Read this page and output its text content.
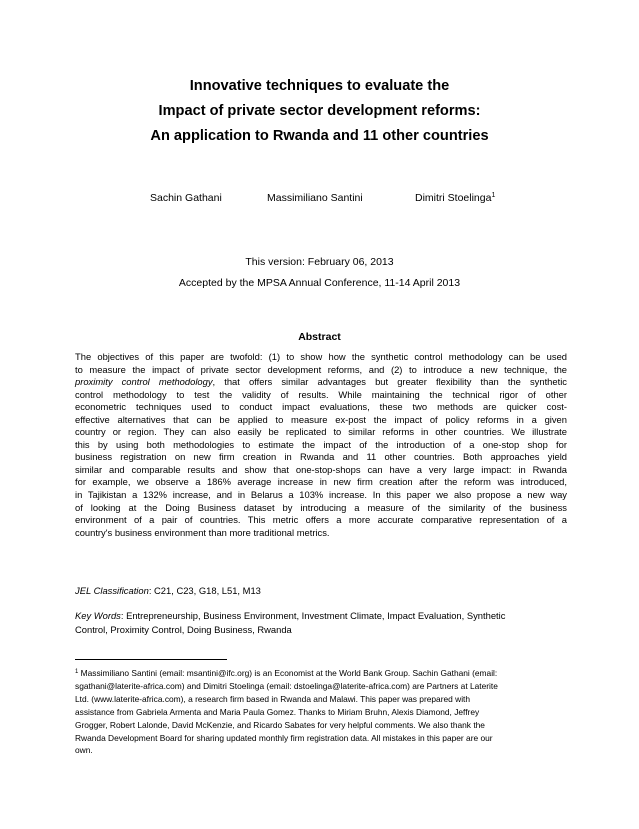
Innovative techniques to evaluate the
Impact of private sector development reforms:
An application to Rwanda and 11 other countries
Sachin Gathani	Massimiliano Santini	Dimitri Stoelinga$^1$
This version: February 06, 2013
Accepted by the MPSA Annual Conference, 11-14 April 2013
Abstract
The objectives of this paper are twofold: (1) to show how the synthetic control methodology can be used
to measure the impact of private sector development reforms, and (2) to introduce a new technique, the
proximity control methodology, that offers similar advantages but greater flexibility than the synthetic
control methodology to test the validity of results. While maintaining the technical rigor of other
econometric techniques used to conduct impact evaluations, these two methods are quicker cost-
effective alternatives that can be applied to measure ex-post the impact of policy reforms in a given
country or region. They can also easily be replicated to similar reforms in other countries. We illustrate
this by using both methodologies to estimate the impact of the introduction of a one-stop shop for
business registration on new firm creation in Rwanda and 11 other countries. Both approaches yield
similar and comparable results and show that one-stop-shops can have a very large impact: in Rwanda
for example, we observe a 186% average increase in new firm creation after the reform was introduced,
in Tajikistan a 132% increase, and in Belarus a 103% increase. In this paper we also propose a new way
of looking at the Doing Business dataset by introducing a measure of the similarity of the business
environment of a pair of countries. This metric offers a more accurate comparative representation of a
country's business environment than more traditional metrics.
JEL Classification: C21, C23, G18, L51, M13
Key Words: Entrepreneurship, Business Environment, Investment Climate, Impact Evaluation, Synthetic
Control, Proximity Control, Doing Business, Rwanda
$^1$ Massimiliano Santini (email: msantini@ifc.org) is an Economist at the World Bank Group. Sachin Gathani (email:
sgathani@laterite-africa.com) and Dimitri Stoelinga (email: dstoelinga@laterite-africa.com) are Partners at Laterite
Ltd. (www.laterite-africa.com), a research firm based in Rwanda and Malawi. This paper was prepared with
assistance from Gabriela Armenta and Maria Paula Gomez. Thanks to Miriam Bruhn, Alexis Diamond, Jeffrey
Grogger, Robert Lalonde, David McKenzie, and Ricardo Sabates for very helpful comments. We also thank the
Rwanda Development Board for sharing updated monthly firm registration data. All mistakes in this paper are our
own.
